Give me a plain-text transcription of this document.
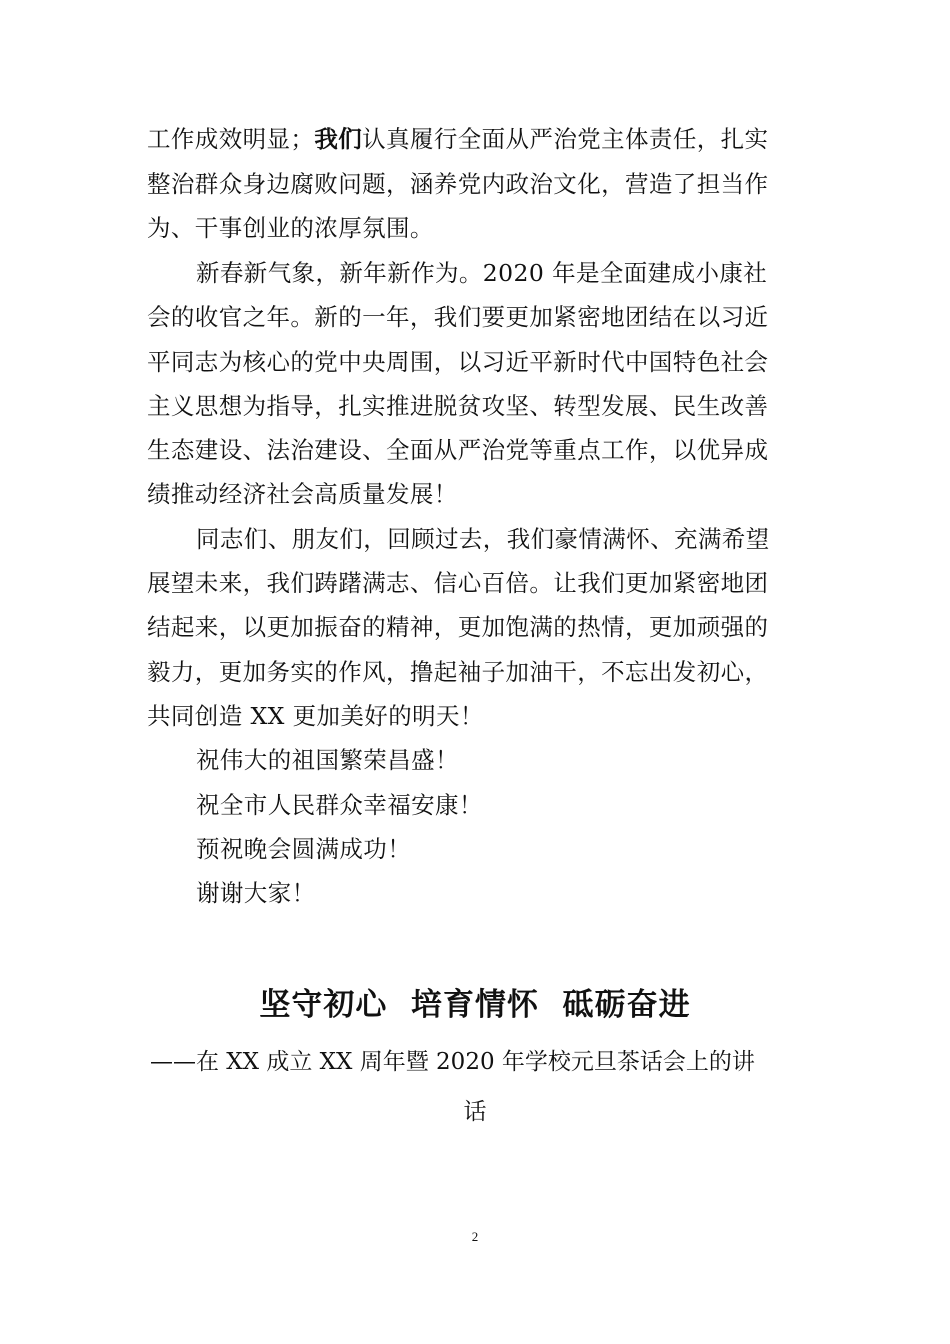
工作成效明显；我们认真履行全面从严治党主体责任，扎实
整治群众身边腐败问题，涵养党内政治文化，营造了担当作
为、干事创业的浓厚氛围。
新春新气象，新年新作为。2020 年是全面建成小康社
会的收官之年。新的一年，我们要更加紧密地团结在以习近
平同志为核心的党中央周围，以习近平新时代中国特色社会
主义思想为指导，扎实推进脱贫攻坚、转型发展、民生改善
生态建设、法治建设、全面从严治党等重点工作，以优异成
绩推动经济社会高质量发展！
同志们、朋友们，回顾过去，我们豪情满怀、充满希望
展望未来，我们踌躇满志、信心百倍。让我们更加紧密地团
结起来，以更加振奋的精神，更加饱满的热情，更加顽强的
毅力，更加务实的作风，撸起袖子加油干，不忘出发初心，
共同创造 XX 更加美好的明天！
祝伟大的祖国繁荣昌盛！
祝全市人民群众幸福安康！
预祝晚会圆满成功！
谢谢大家！
坚守初心  培育情怀  砥砺奋进
——在 XX 成立 XX 周年暨 2020 年学校元旦茶话会上的讲
话
2
